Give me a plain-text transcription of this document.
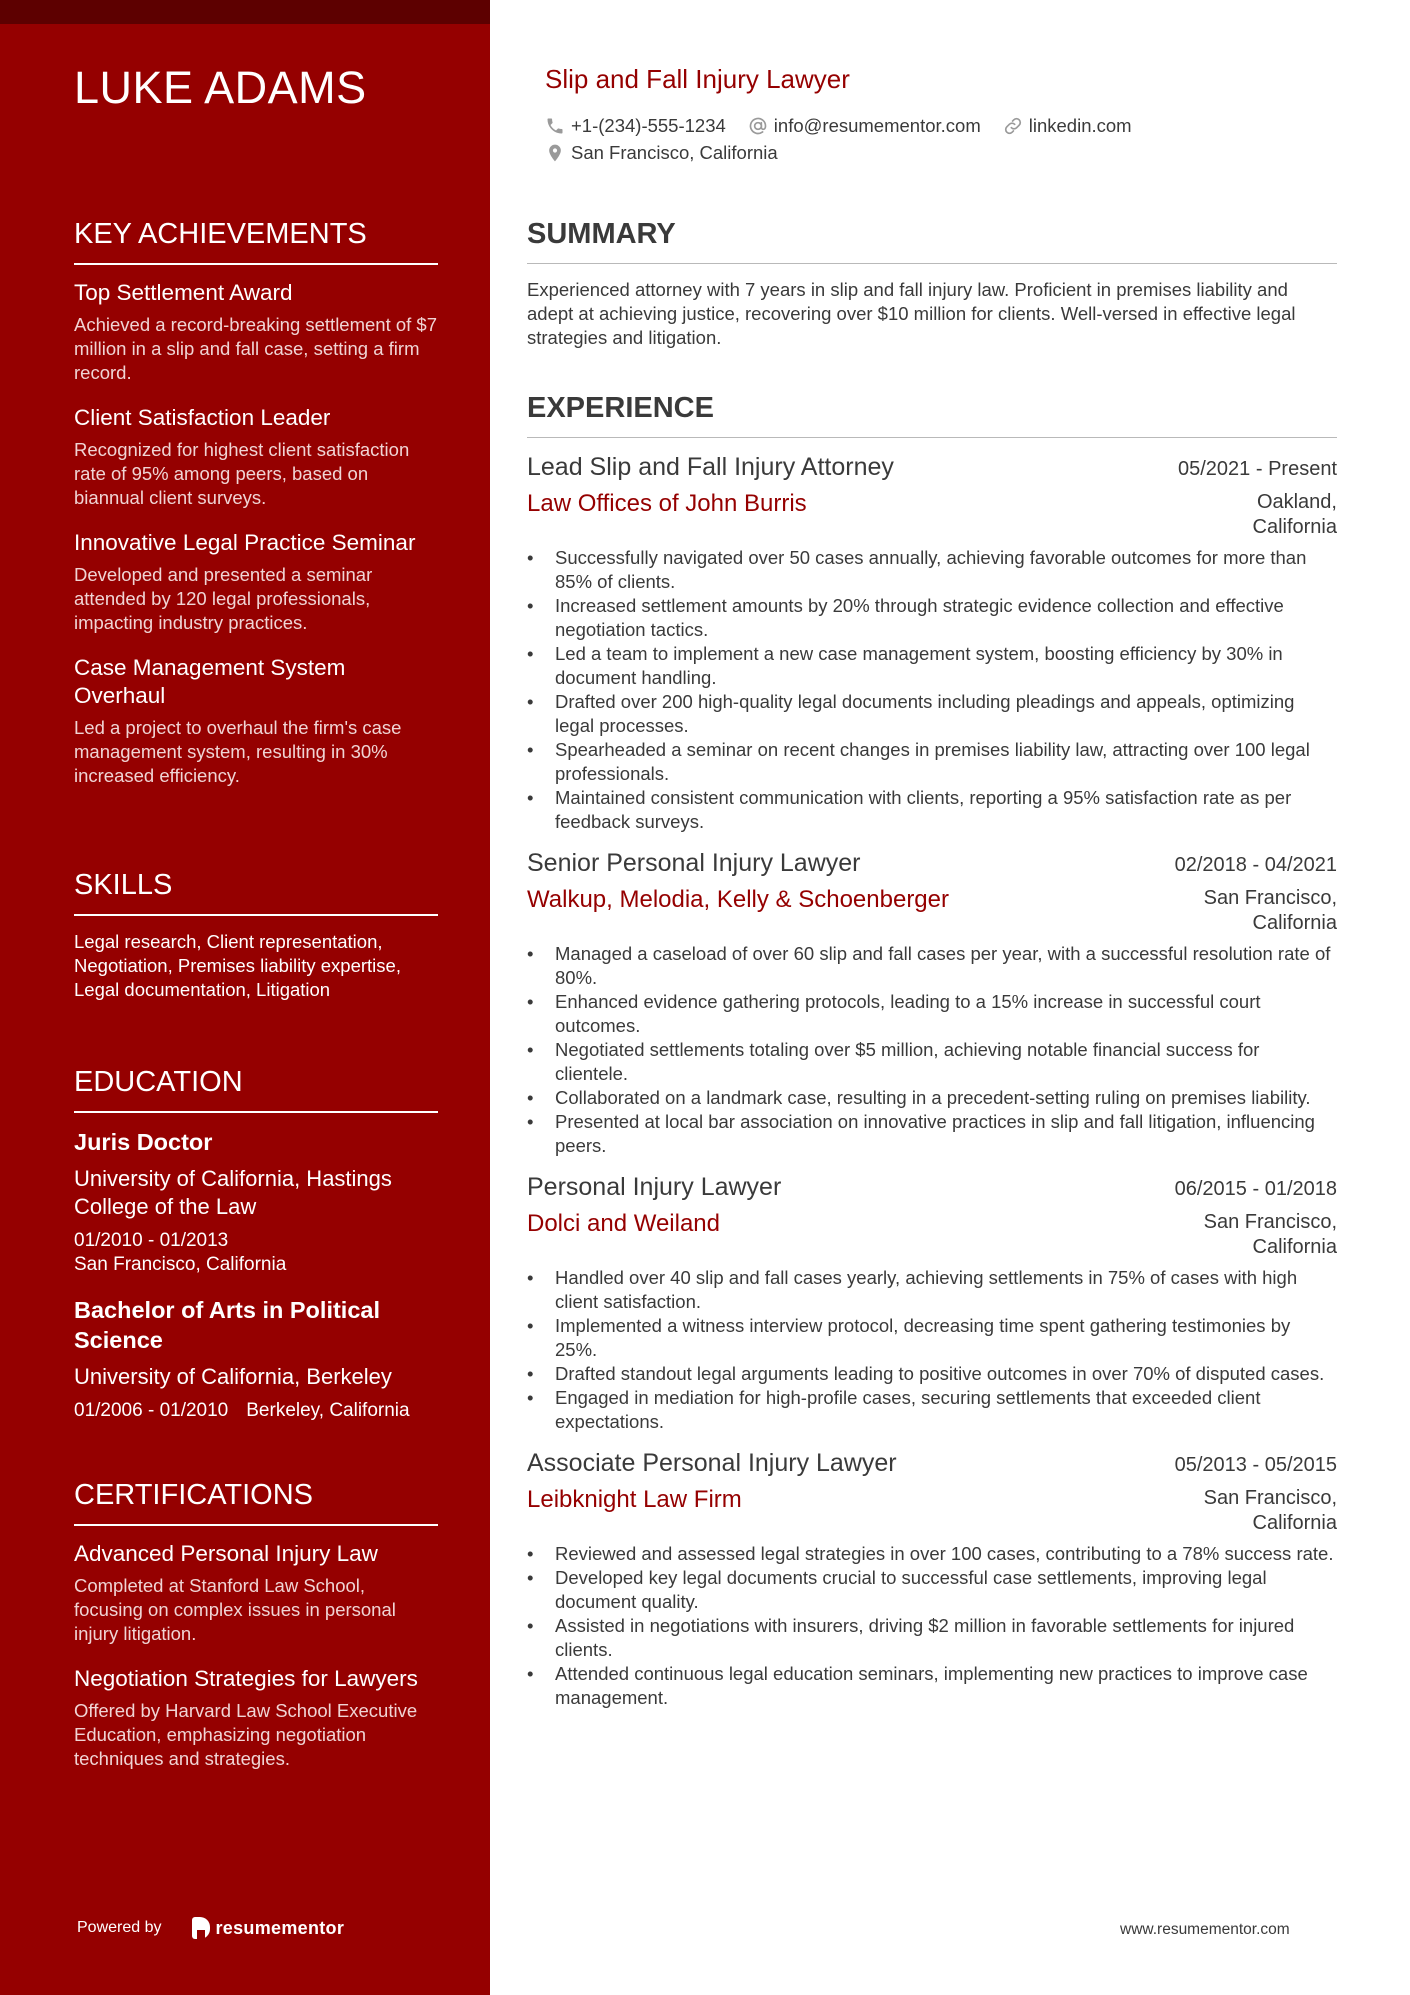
LUKE ADAMS
KEY ACHIEVEMENTS
Top Settlement Award
Achieved a record-breaking settlement of $7 million in a slip and fall case, setting a firm record.
Client Satisfaction Leader
Recognized for highest client satisfaction rate of 95% among peers, based on biannual client surveys.
Innovative Legal Practice Seminar
Developed and presented a seminar attended by 120 legal professionals, impacting industry practices.
Case Management System Overhaul
Led a project to overhaul the firm's case management system, resulting in 30% increased efficiency.
SKILLS
Legal research, Client representation, Negotiation, Premises liability expertise, Legal documentation, Litigation
EDUCATION
Juris Doctor
University of California, Hastings College of the Law
01/2010 - 01/2013
San Francisco, California
Bachelor of Arts in Political Science
University of California, Berkeley
01/2006 - 01/2010 Berkeley, California
CERTIFICATIONS
Advanced Personal Injury Law
Completed at Stanford Law School, focusing on complex issues in personal injury litigation.
Negotiation Strategies for Lawyers
Offered by Harvard Law School Executive Education, emphasizing negotiation techniques and strategies.
Powered by	resumementor
Slip and Fall Injury Lawyer
+1-(234)-555-1234	info@resumementor.com	linkedin.com
San Francisco, California
SUMMARY

Experienced attorney with 7 years in slip and fall injury law. Proficient in premises liability and adept at achieving justice, recovering over $10 million for clients. Well-versed in effective legal strategies and litigation.

EXPERIENCE
Lead Slip and Fall Injury Attorney	05/2021 - Present
Law Offices of John Burris	Oakland, California
• Successfully navigated over 50 cases annually, achieving favorable outcomes for more than 85% of clients.
• Increased settlement amounts by 20% through strategic evidence collection and effective negotiation tactics.
• Led a team to implement a new case management system, boosting efficiency by 30% in document handling.
• Drafted over 200 high-quality legal documents including pleadings and appeals, optimizing legal processes.
• Spearheaded a seminar on recent changes in premises liability law, attracting over 100 legal professionals.
• Maintained consistent communication with clients, reporting a 95% satisfaction rate as per feedback surveys.
Senior Personal Injury Lawyer	02/2018 - 04/2021
Walkup, Melodia, Kelly & Schoenberger	San Francisco, California
• Managed a caseload of over 60 slip and fall cases per year, with a successful resolution rate of 80%.
• Enhanced evidence gathering protocols, leading to a 15% increase in successful court outcomes.
• Negotiated settlements totaling over $5 million, achieving notable financial success for clientele.
• Collaborated on a landmark case, resulting in a precedent-setting ruling on premises liability.
• Presented at local bar association on innovative practices in slip and fall litigation, influencing peers.
Personal Injury Lawyer	06/2015 - 01/2018
Dolci and Weiland	San Francisco, California
• Handled over 40 slip and fall cases yearly, achieving settlements in 75% of cases with high client satisfaction.
• Implemented a witness interview protocol, decreasing time spent gathering testimonies by 25%.
• Drafted standout legal arguments leading to positive outcomes in over 70% of disputed cases.
• Engaged in mediation for high-profile cases, securing settlements that exceeded client expectations.
Associate Personal Injury Lawyer	05/2013 - 05/2015
Leibknight Law Firm	San Francisco, California
• Reviewed and assessed legal strategies in over 100 cases, contributing to a 78% success rate.
• Developed key legal documents crucial to successful case settlements, improving legal document quality.
• Assisted in negotiations with insurers, driving $2 million in favorable settlements for injured clients.
• Attended continuous legal education seminars, implementing new practices to improve case management.
www.resumementor.com
